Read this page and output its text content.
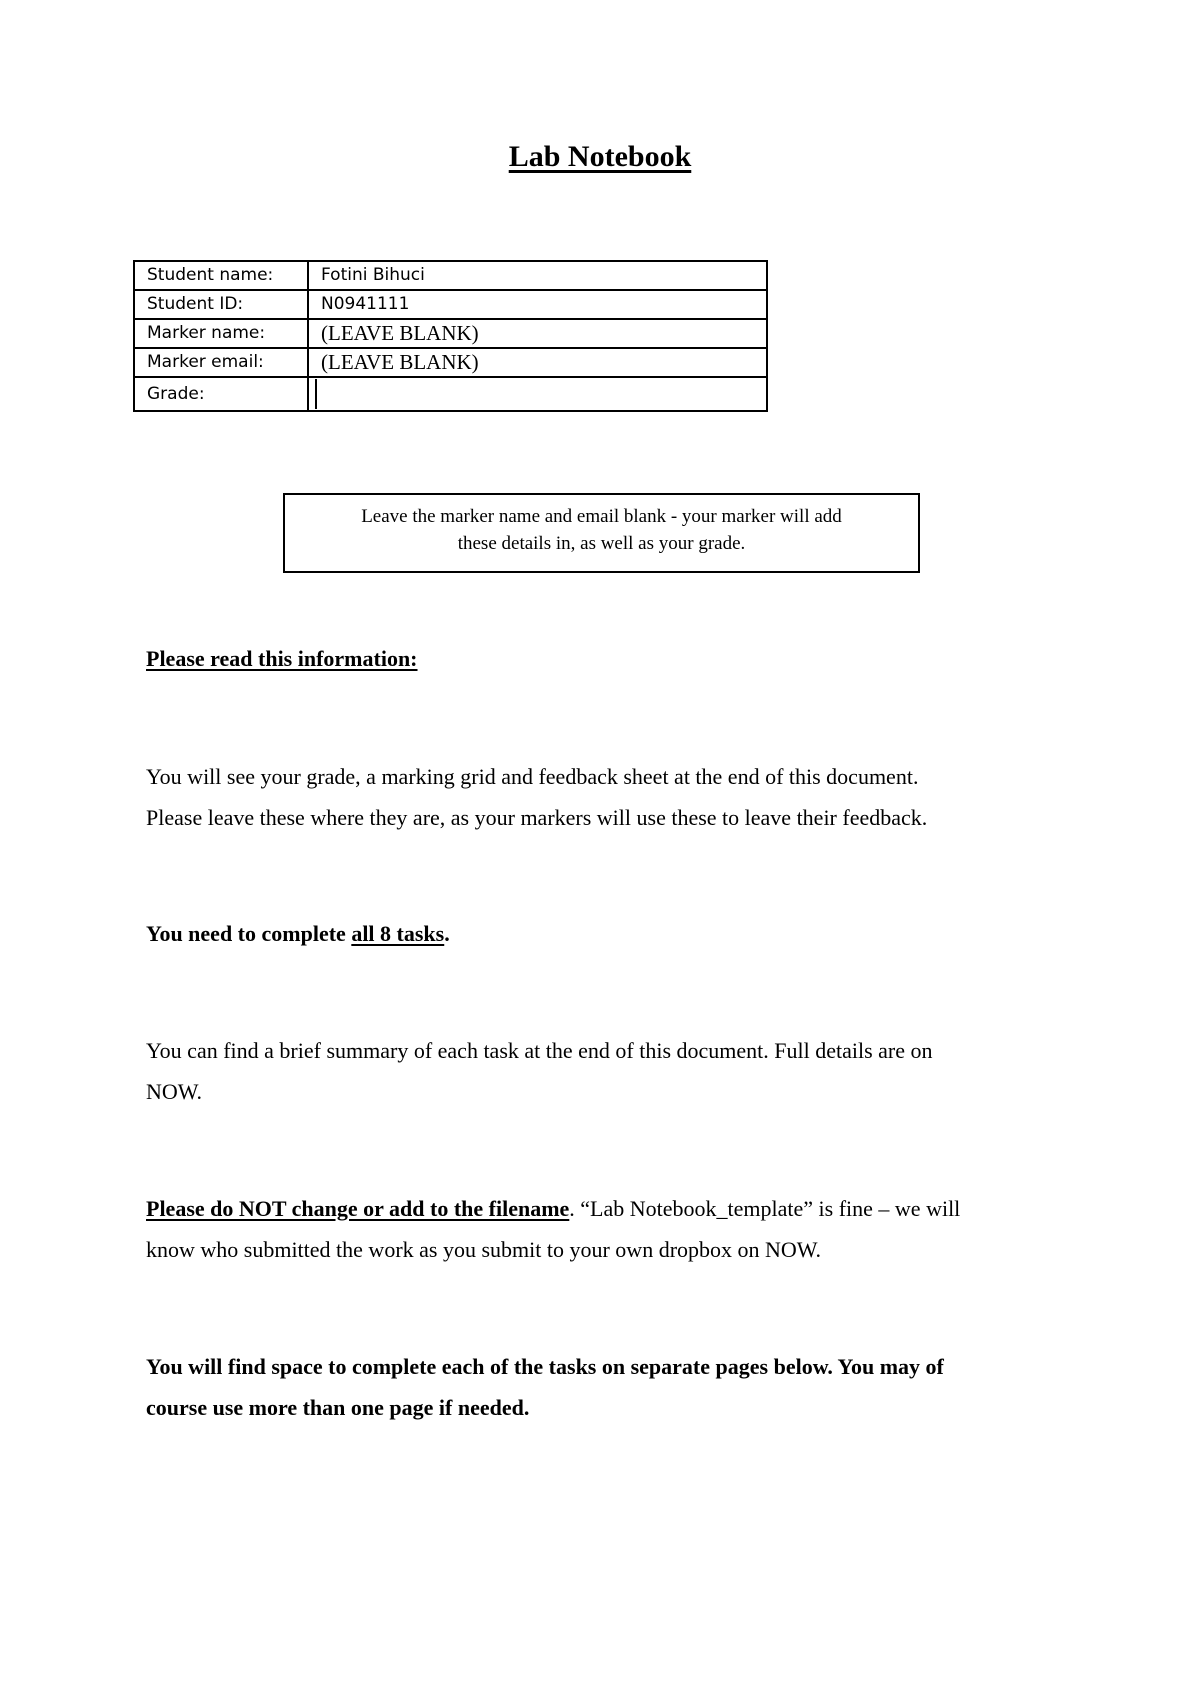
Lab Notebook
Student name:	Fotini Bihuci
Student ID:	N0941111
Marker name:	(LEAVE BLANK)
Marker email:	(LEAVE BLANK)
Grade:	
Leave the marker name and email blank - your marker will add
these details in, as well as your grade.

Please read this information:

You will see your grade, a marking grid and feedback sheet at the end of this document.
Please leave these where they are, as your markers will use these to leave their feedback.

You need to complete all 8 tasks.

You can find a brief summary of each task at the end of this document. Full details are on
NOW.
Please do NOT change or add to the filename. “Lab Notebook_template” is fine – we will
know who submitted the work as you submit to your own dropbox on NOW.
You will find space to complete each of the tasks on separate pages below. You may of
course use more than one page if needed.
